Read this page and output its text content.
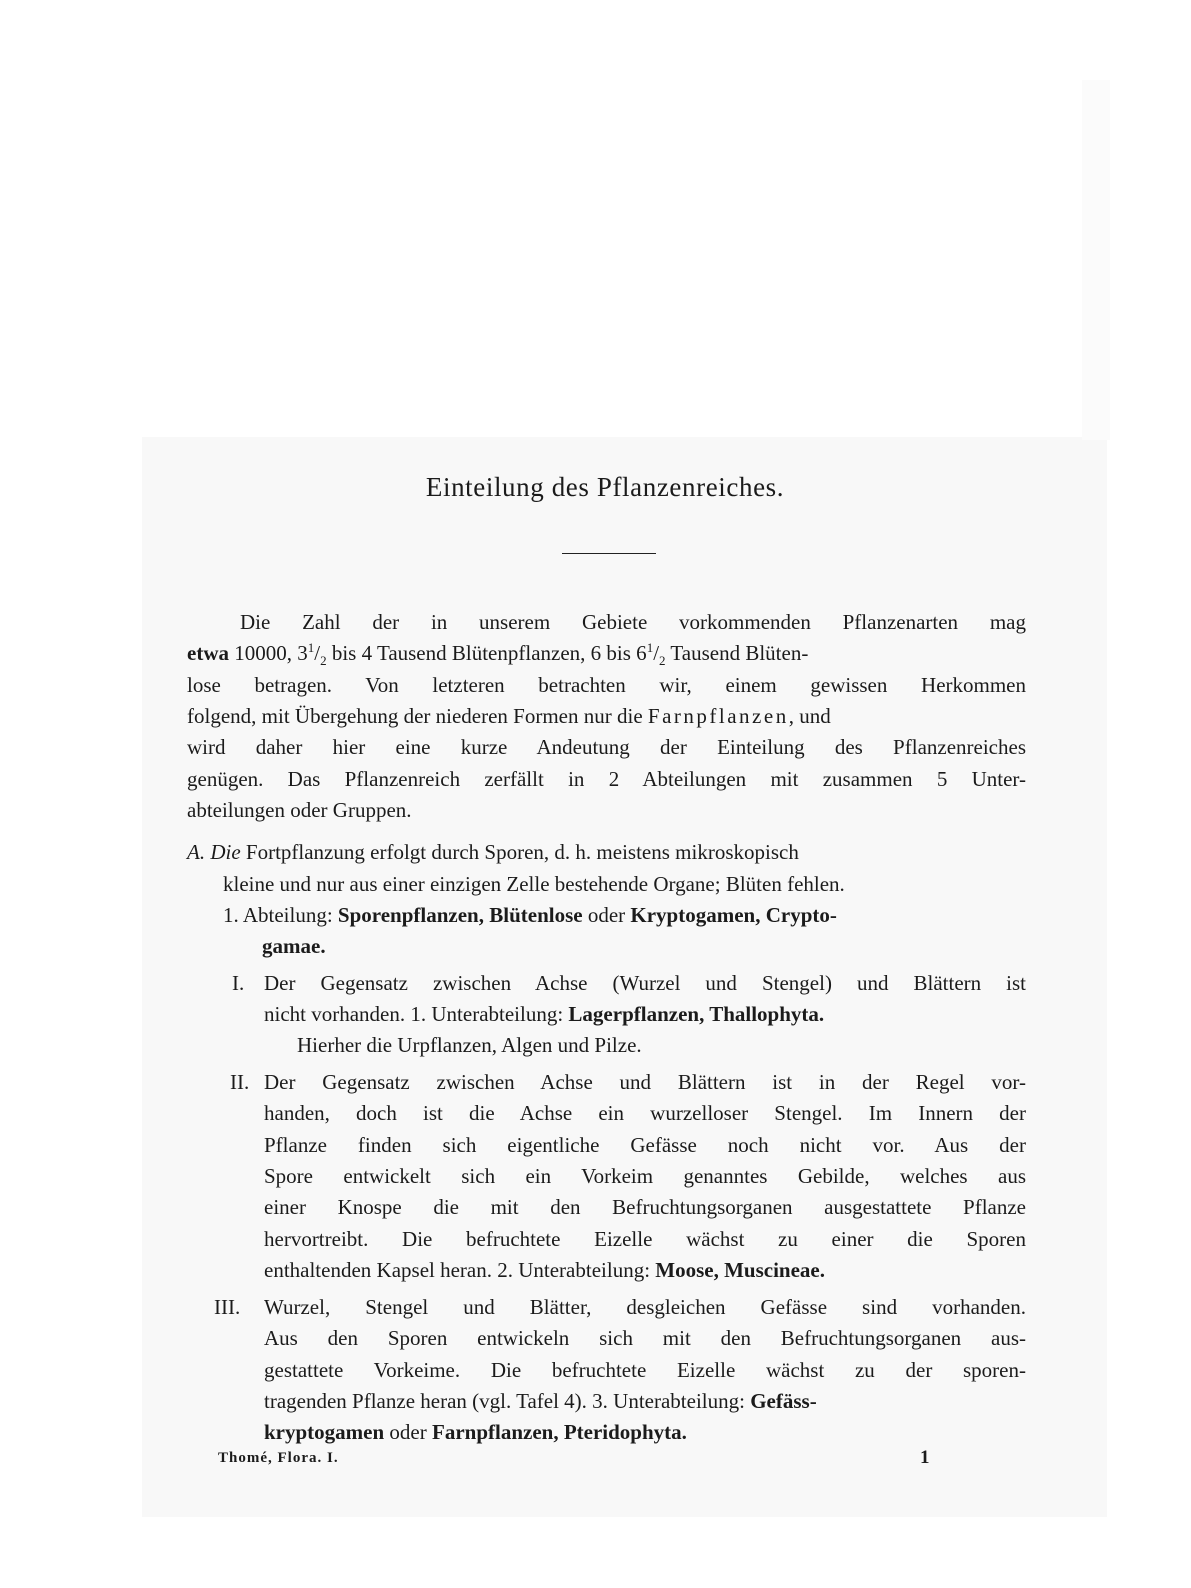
Einteilung des Pflanzenreiches.
Die Zahl der in unserem Gebiete vorkommenden Pflanzenarten mag
etwa 10000, $3^1/_2$ bis 4 Tausend Blütenpflanzen, 6 bis $6^1/_2$ Tausend Blüten-
lose betragen. Von letzteren betrachten wir, einem gewissen Herkommen
folgend, mit Übergehung der niederen Formen nur die Farnpflanzen, und
wird daher hier eine kurze Andeutung der Einteilung des Pflanzenreiches
genügen. Das Pflanzenreich zerfällt in 2 Abteilungen mit zusammen 5 Unter-
abteilungen oder Gruppen.
A. Die Fortpflanzung erfolgt durch Sporen, d. h. meistens mikroskopisch
kleine und nur aus einer einzigen Zelle bestehende Organe; Blüten fehlen.
1. Abteilung: Sporenpflanzen, Blütenlose oder Kryptogamen, Crypto-
gamae.
I. Der Gegensatz zwischen Achse (Wurzel und Stengel) und Blättern ist
nicht vorhanden. 1. Unterabteilung: Lagerpflanzen, Thallophyta.
Hierher die Urpflanzen, Algen und Pilze.
II. Der Gegensatz zwischen Achse und Blättern ist in der Regel vor-
handen, doch ist die Achse ein wurzelloser Stengel. Im Innern der
Pflanze finden sich eigentliche Gefässe noch nicht vor. Aus der
Spore entwickelt sich ein Vorkeim genanntes Gebilde, welches aus
einer Knospe die mit den Befruchtungsorganen ausgestattete Pflanze
hervortreibt. Die befruchtete Eizelle wächst zu einer die Sporen
enthaltenden Kapsel heran. 2. Unterabteilung: Moose, Muscineae.
III. Wurzel, Stengel und Blätter, desgleichen Gefässe sind vorhanden.
Aus den Sporen entwickeln sich mit den Befruchtungsorganen aus-
gestattete Vorkeime. Die befruchtete Eizelle wächst zu der sporen-
tragenden Pflanze heran (vgl. Tafel 4). 3. Unterabteilung: Gefäss-
kryptogamen oder Farnpflanzen, Pteridophyta.
Thomé, Flora. I.	1
